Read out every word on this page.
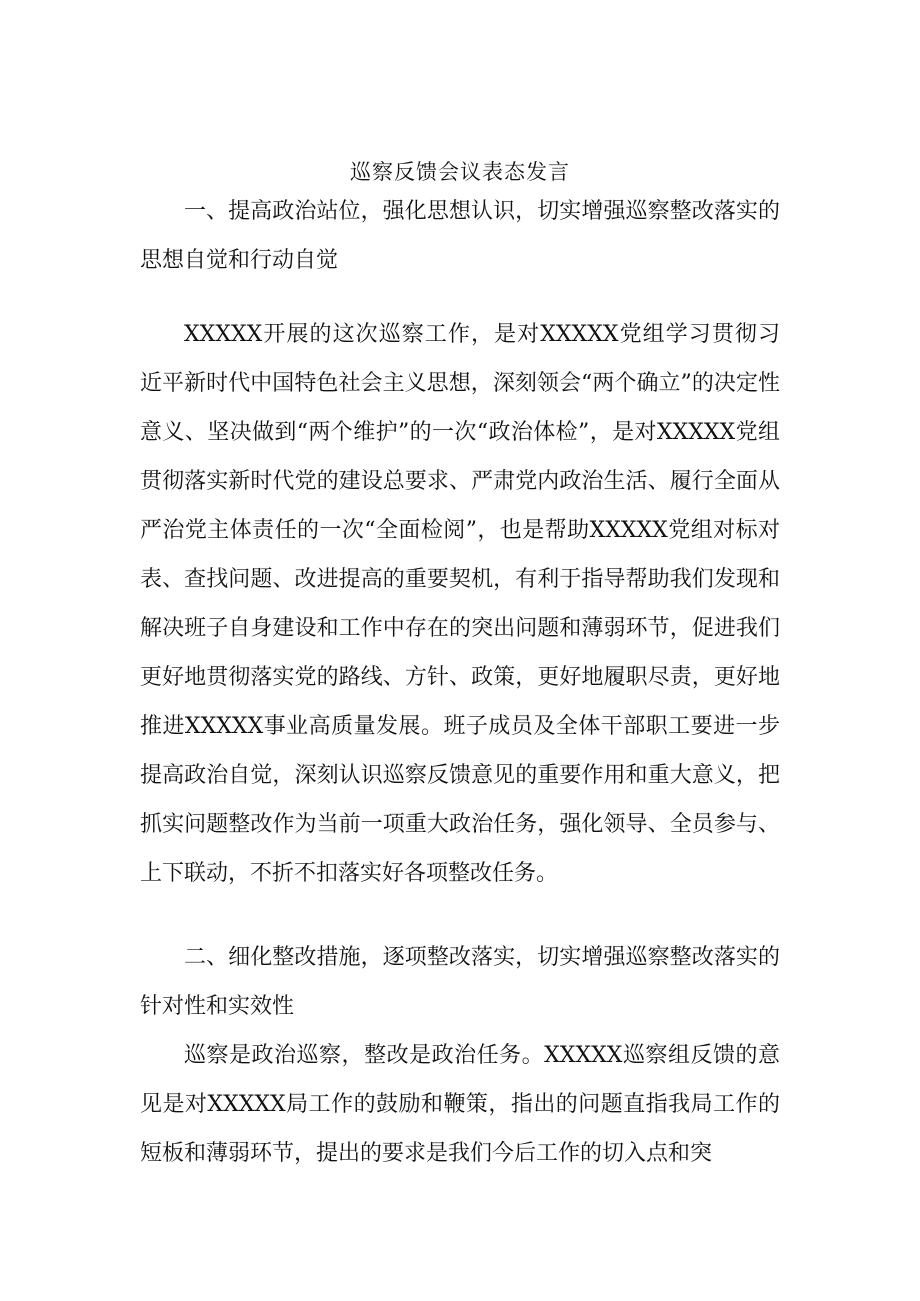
巡察反馈会议表态发言

一、提高政治站位，强化思想认识，切实增强巡察整改落实的思想自觉和行动自觉

XXXXX开展的这次巡察工作，是对XXXXX党组学习贯彻习近平新时代中国特色社会主义思想，深刻领会“两个确立”的决定性意义、坚决做到“两个维护”的一次“政治体检”，是对XXXXX党组贯彻落实新时代党的建设总要求、严肃党内政治生活、履行全面从严治党主体责任的一次“全面检阅”，也是帮助XXXXX党组对标对表、查找问题、改进提高的重要契机，有利于指导帮助我们发现和解决班子自身建设和工作中存在的突出问题和薄弱环节，促进我们更好地贯彻落实党的路线、方针、政策，更好地履职尽责，更好地推进XXXXX事业高质量发展。班子成员及全体干部职工要进一步提高政治自觉，深刻认识巡察反馈意见的重要作用和重大意义，把抓实问题整改作为当前一项重大政治任务，强化领导、全员参与、上下联动，不折不扣落实好各项整改任务。

二、细化整改措施，逐项整改落实，切实增强巡察整改落实的针对性和实效性

巡察是政治巡察，整改是政治任务。XXXXX巡察组反馈的意见是对XXXXX局工作的鼓励和鞭策，指出的问题直指我局工作的短板和薄弱环节，提出的要求是我们今后工作的切入点和突
